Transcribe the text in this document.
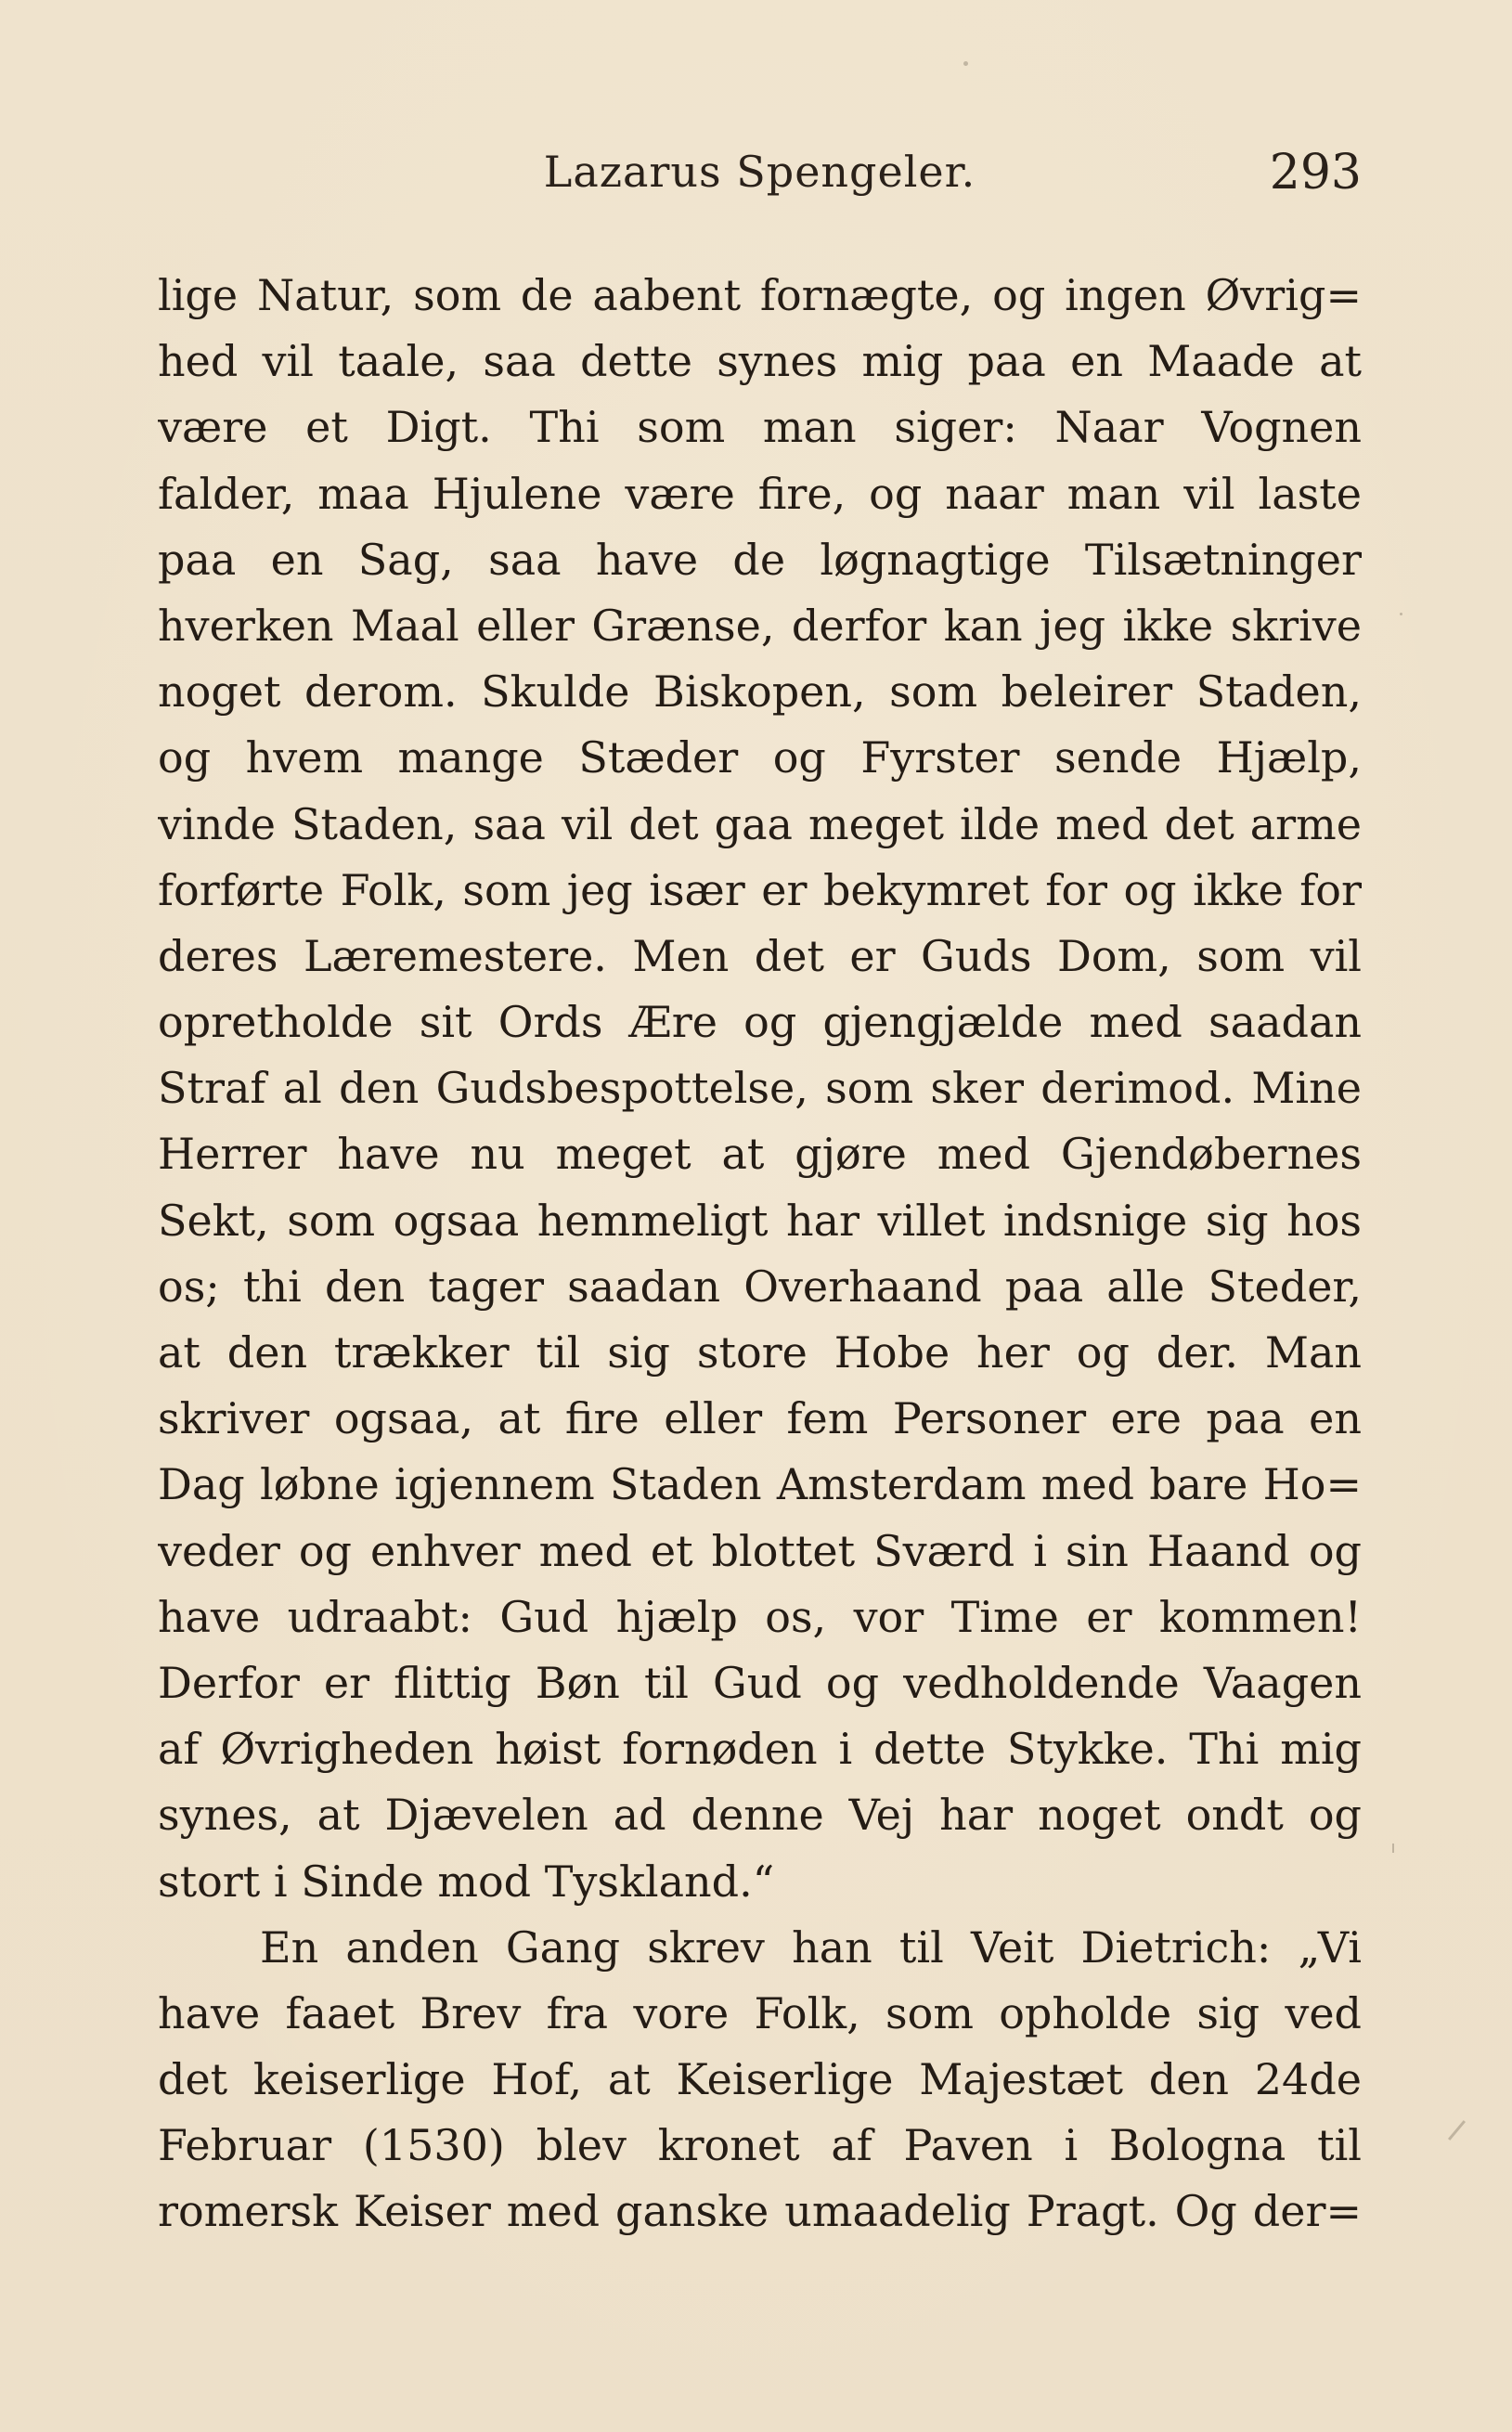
Lazarus Spengeler.	293
lige Natur, som de aabent fornægte, og ingen Øvrig=
hed vil taale, saa dette synes mig paa en Maade at
være et Digt. Thi som man siger: Naar Vognen
falder, maa Hjulene være fire, og naar man vil laste
paa en Sag, saa have de løgnagtige Tilsætninger
hverken Maal eller Grænse, derfor kan jeg ikke skrive
noget derom. Skulde Biskopen, som beleirer Staden,
og hvem mange Stæder og Fyrster sende Hjælp,
vinde Staden, saa vil det gaa meget ilde med det arme
forførte Folk, som jeg især er bekymret for og ikke for
deres Læremestere. Men det er Guds Dom, som vil
opretholde sit Ords Ære og gjengjælde med saadan
Straf al den Gudsbespottelse, som sker derimod. Mine
Herrer have nu meget at gjøre med Gjendøbernes
Sekt, som ogsaa hemmeligt har villet indsnige sig hos
os; thi den tager saadan Overhaand paa alle Steder,
at den trækker til sig store Hobe her og der. Man
skriver ogsaa, at fire eller fem Personer ere paa en
Dag løbne igjennem Staden Amsterdam med bare Ho=
veder og enhver med et blottet Sværd i sin Haand og
have udraabt: Gud hjælp os, vor Time er kommen!
Derfor er flittig Bøn til Gud og vedholdende Vaagen
af Øvrigheden høist fornøden i dette Stykke. Thi mig
synes, at Djævelen ad denne Vej har noget ondt og
stort i Sinde mod Tyskland.“
En anden Gang skrev han til Veit Dietrich: „Vi
have faaet Brev fra vore Folk, som opholde sig ved
det keiserlige Hof, at Keiserlige Majestæt den 24de
Februar (1530) blev kronet af Paven i Bologna til
romersk Keiser med ganske umaadelig Pragt. Og der=
